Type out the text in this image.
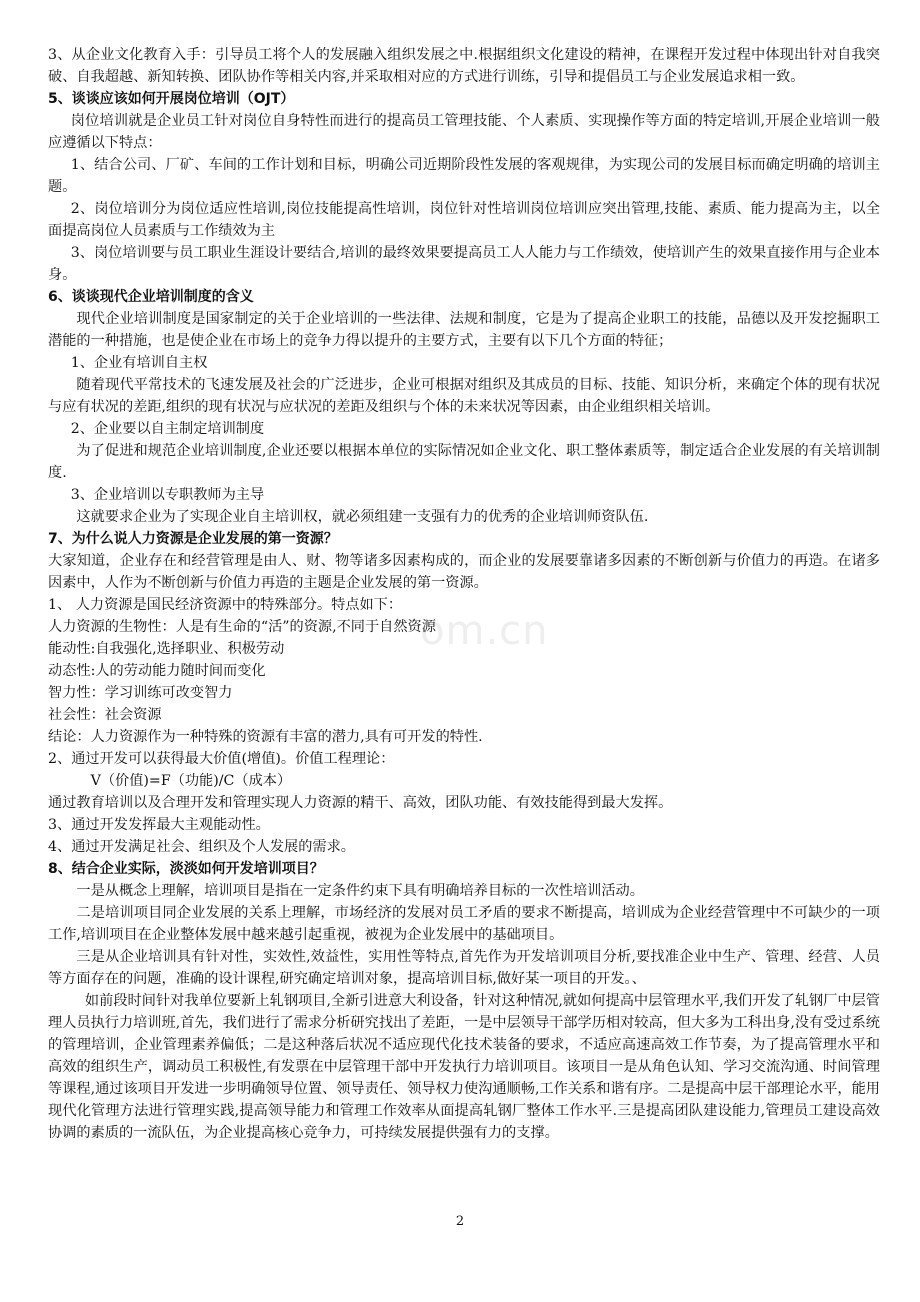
3、从企业文化教育入手：引导员工将个人的发展融入组织发展之中.根据组织文化建设的精神，在课程开发过程中体现出针对自我突破、自我超越、新知转换、团队协作等相关内容,并采取相对应的方式进行训练，引导和提倡员工与企业发展追求相一致。

5、谈谈应该如何开展岗位培训（OJT）

岗位培训就是企业员工针对岗位自身特性而进行的提高员工管理技能、个人素质、实现操作等方面的特定培训,开展企业培训一般应遵循以下特点：

1、结合公司、厂矿、车间的工作计划和目标，明确公司近期阶段性发展的客观规律，为实现公司的发展目标而确定明确的培训主题。

2、岗位培训分为岗位适应性培训,岗位技能提高性培训，岗位针对性培训岗位培训应突出管理,技能、素质、能力提高为主，以全面提高岗位人员素质与工作绩效为主

3、岗位培训要与员工职业生涯设计要结合,培训的最终效果要提高员工人人能力与工作绩效，使培训产生的效果直接作用与企业本身。

6、谈谈现代企业培训制度的含义

现代企业培训制度是国家制定的关于企业培训的一些法律、法规和制度，它是为了提高企业职工的技能，品德以及开发挖掘职工潜能的一种措施，也是使企业在市场上的竞争力得以提升的主要方式，主要有以下几个方面的特征；

1、企业有培训自主权

随着现代平常技术的飞速发展及社会的广泛进步，企业可根据对组织及其成员的目标、技能、知识分析，来确定个体的现有状况与应有状况的差距,组织的现有状况与应状况的差距及组织与个体的未来状况等因素，由企业组织相关培训。

2、企业要以自主制定培训制度

为了促进和规范企业培训制度,企业还要以根据本单位的实际情况如企业文化、职工整体素质等，制定适合企业发展的有关培训制度.

3、企业培训以专职教师为主导

这就要求企业为了实现企业自主培训权，就必须组建一支强有力的优秀的企业培训师资队伍.

7、为什么说人力资源是企业发展的第一资源？

大家知道，企业存在和经营管理是由人、财、物等诸多因素构成的，而企业的发展要靠诸多因素的不断创新与价值力的再造。在诸多因素中，人作为不断创新与价值力再造的主题是企业发展的第一资源。

1、 人力资源是国民经济资源中的特殊部分。特点如下：

人力资源的生物性：人是有生命的“活”的资源,不同于自然资源

能动性:自我强化,选择职业、积极劳动

动态性:人的劳动能力随时间而变化

智力性：学习训练可改变智力

社会性：社会资源

结论：人力资源作为一种特殊的资源有丰富的潜力,具有可开发的特性.

2、通过开发可以获得最大价值(增值)。价值工程理论：

V（价值)=F（功能)/C（成本）

通过教育培训以及合理开发和管理实现人力资源的精干、高效，团队功能、有效技能得到最大发挥。

3、通过开发发挥最大主观能动性。

4、通过开发满足社会、组织及个人发展的需求。

8、结合企业实际，淡淡如何开发培训项目？

一是从概念上理解，培训项目是指在一定条件约束下具有明确培养目标的一次性培训活动。

二是培训项目同企业发展的关系上理解，市场经济的发展对员工矛盾的要求不断提高，培训成为企业经营管理中不可缺少的一项工作,培训项目在企业整体发展中越来越引起重视，被视为企业发展中的基础项目。

三是从企业培训具有针对性，实效性,效益性，实用性等特点,首先作为开发培训项目分析,要找准企业中生产、管理、经营、人员等方面存在的问题，准确的设计课程,研究确定培训对象，提高培训目标,做好某一项目的开发。、

如前段时间针对我单位要新上轧钢项目,全新引进意大利设备，针对这种情况,就如何提高中层管理水平,我们开发了轧钢厂中层管理人员执行力培训班,首先，我们进行了需求分析研究找出了差距，一是中层领导干部学历相对较高，但大多为工科出身,没有受过系统的管理培训，企业管理素养偏低；二是这种落后状况不适应现代化技术装备的要求，不适应高速高效工作节奏，为了提高管理水平和高效的组织生产，调动员工积极性,有发票在中层管理干部中开发执行力培训项目。该项目一是从角色认知、学习交流沟通、时间管理等课程,通过该项目开发进一步明确领导位置、领导责任、领导权力使沟通顺畅,工作关系和谐有序。二是提高中层干部理论水平，能用现代化管理方法进行管理实践,提高领导能力和管理工作效率从面提高轧钢厂整体工作水平.三是提高团队建设能力,管理员工建设高效协调的素质的一流队伍，为企业提高核心竞争力，可持续发展提供强有力的支撑。

om.cn
2
